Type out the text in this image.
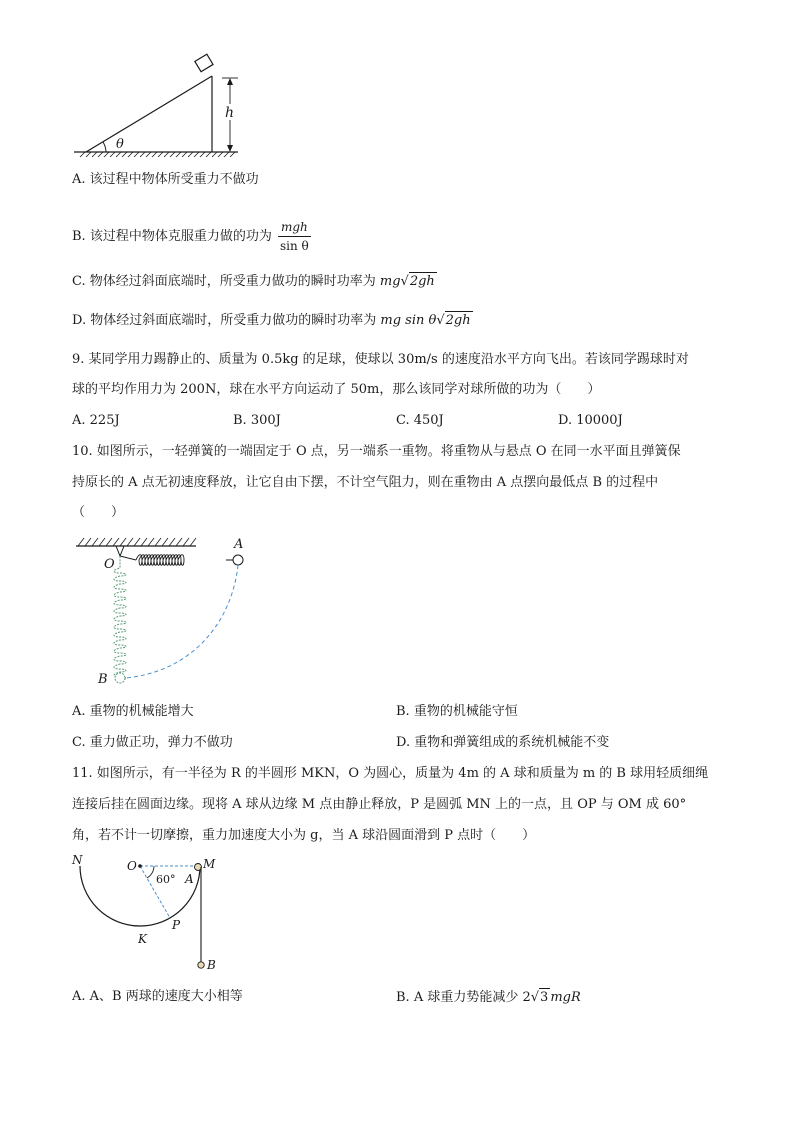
θ
h
A. 该过程中物体所受重力不做功
B. 该过程中物体克服重力做的功为 $\frac{\text{mgh}}{\text{sin θ}}$
C. 物体经过斜面底端时，所受重力做功的瞬时功率为 mg√2gh
D. 物体经过斜面底端时，所受重力做功的瞬时功率为 mg sin θ√2gh
9. 某同学用力踢静止的、质量为 0.5kg 的足球，使球以 30m/s 的速度沿水平方向飞出。若该同学踢球时对
球的平均作用力为 200N，球在水平方向运动了 50m，那么该同学对球所做的功为（　　）
A. 225J	B. 300J	C. 450J	D. 10000J
10. 如图所示，一轻弹簧的一端固定于 O 点，另一端系一重物。将重物从与悬点 O 在同一水平面且弹簧保
持原长的 A 点无初速度释放，让它自由下摆，不计空气阻力，则在重物由 A 点摆向最低点 B 的过程中
（　　）
O
A
B
A. 重物的机械能增大	B. 重物的机械能守恒
C. 重力做正功，弹力不做功	D. 重物和弹簧组成的系统机械能不变
11. 如图所示，有一半径为 R 的半圆形 MKN，O 为圆心，质量为 4m 的 A 球和质量为 m 的 B 球用轻质细绳
连接后挂在圆面边缘。现将 A 球从边缘 M 点由静止释放，P 是圆弧 MN 上的一点，且 OP 与 OM 成 60°
角，若不计一切摩擦，重力加速度大小为 g，当 A 球沿圆面滑到 P 点时（　　）
N	O	M
A
60°
K
P
B
A. A、B 两球的速度大小相等	B. A 球重力势能减少 2√3 mgR
